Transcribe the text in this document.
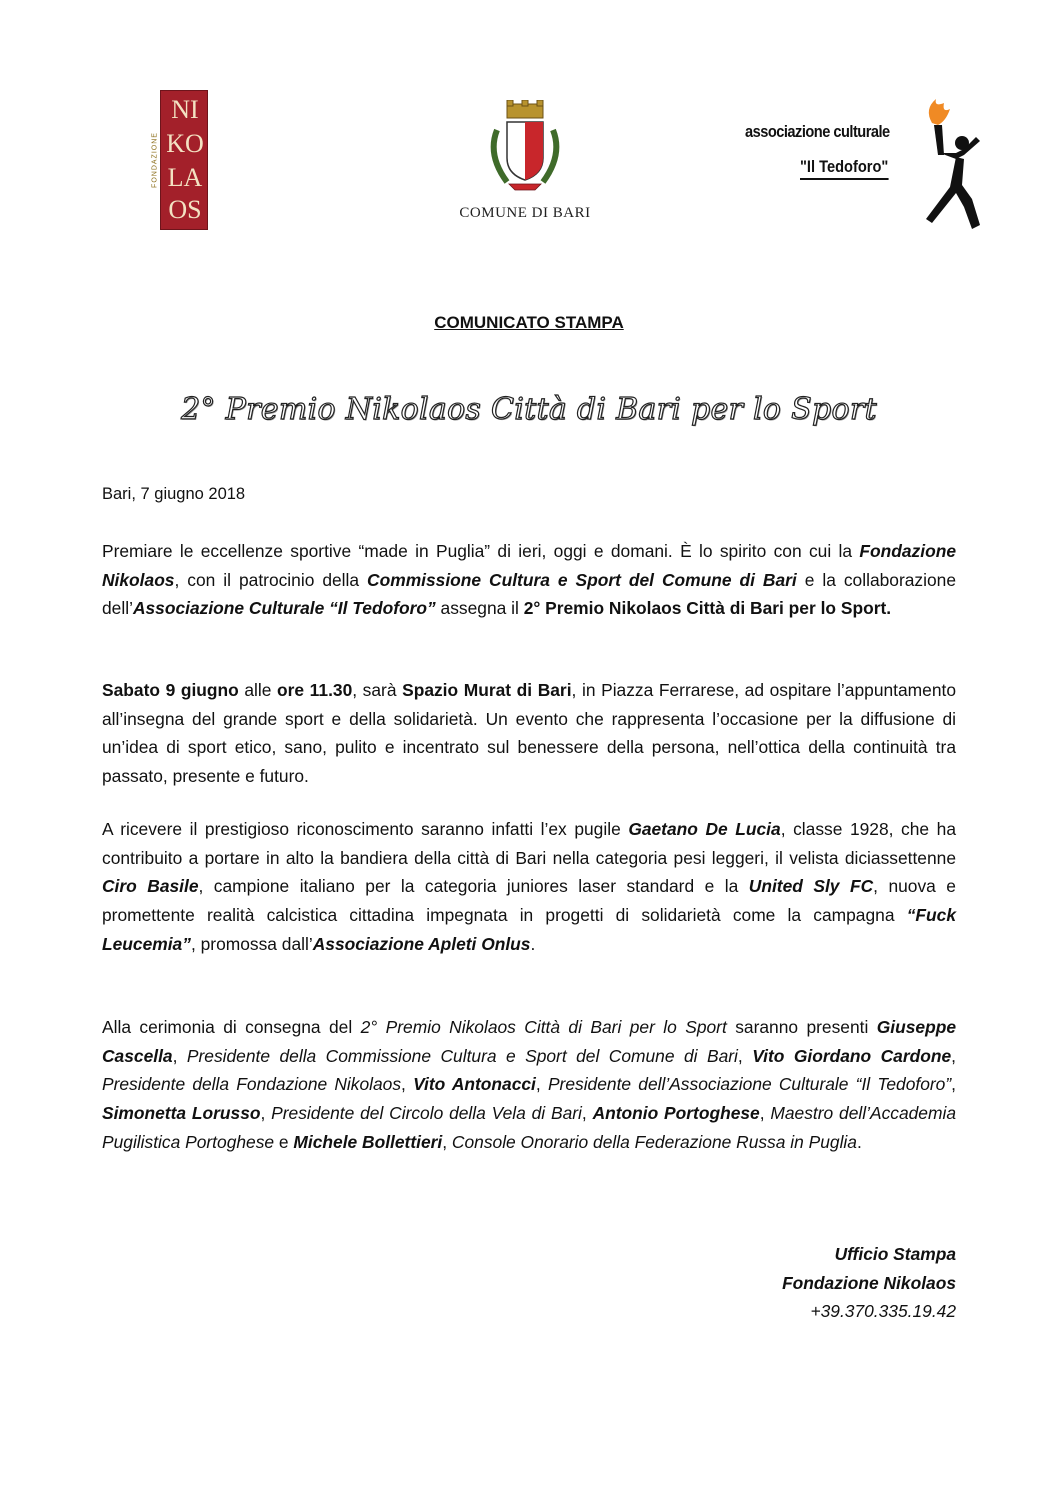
FONDAZIONE
NI
KO
LA
OS	COMUNE DI BARI
associazione culturale
"Il Tedoforo"
COMUNICATO STAMPA
2° Premio Nikolaos Città di Bari per lo Sport
Bari, 7 giugno 2018
Premiare le eccellenze sportive “made in Puglia” di ieri, oggi e domani. È lo spirito con cui la Fondazione Nikolaos, con il patrocinio della Commissione Cultura e Sport del Comune di Bari e la collaborazione dell’Associazione Culturale “Il Tedoforo” assegna il 2° Premio Nikolaos Città di Bari per lo Sport.
Sabato 9 giugno alle ore 11.30, sarà Spazio Murat di Bari, in Piazza Ferrarese, ad ospitare l’appuntamento all’insegna del grande sport e della solidarietà. Un evento che rappresenta l’occasione per la diffusione di un’idea di sport etico, sano, pulito e incentrato sul benessere della persona, nell’ottica della continuità tra passato, presente e futuro.
A ricevere il prestigioso riconoscimento saranno infatti l’ex pugile Gaetano De Lucia, classe 1928, che ha contribuito a portare in alto la bandiera della città di Bari nella categoria pesi leggeri, il velista diciassettenne Ciro Basile, campione italiano per la categoria juniores laser standard e la United Sly FC, nuova e promettente realità calcistica cittadina impegnata in progetti di solidarietà come la campagna “Fuck Leucemia”, promossa dall’Associazione Apleti Onlus.
Alla cerimonia di consegna del 2° Premio Nikolaos Città di Bari per lo Sport saranno presenti Giuseppe Cascella, Presidente della Commissione Cultura e Sport del Comune di Bari, Vito Giordano Cardone, Presidente della Fondazione Nikolaos, Vito Antonacci, Presidente dell’Associazione Culturale “Il Tedoforo”, Simonetta Lorusso, Presidente del Circolo della Vela di Bari, Antonio Portoghese, Maestro dell’Accademia Pugilistica Portoghese e Michele Bollettieri, Console Onorario della Federazione Russa in Puglia.
Ufficio Stampa
Fondazione Nikolaos
+39.370.335.19.42
